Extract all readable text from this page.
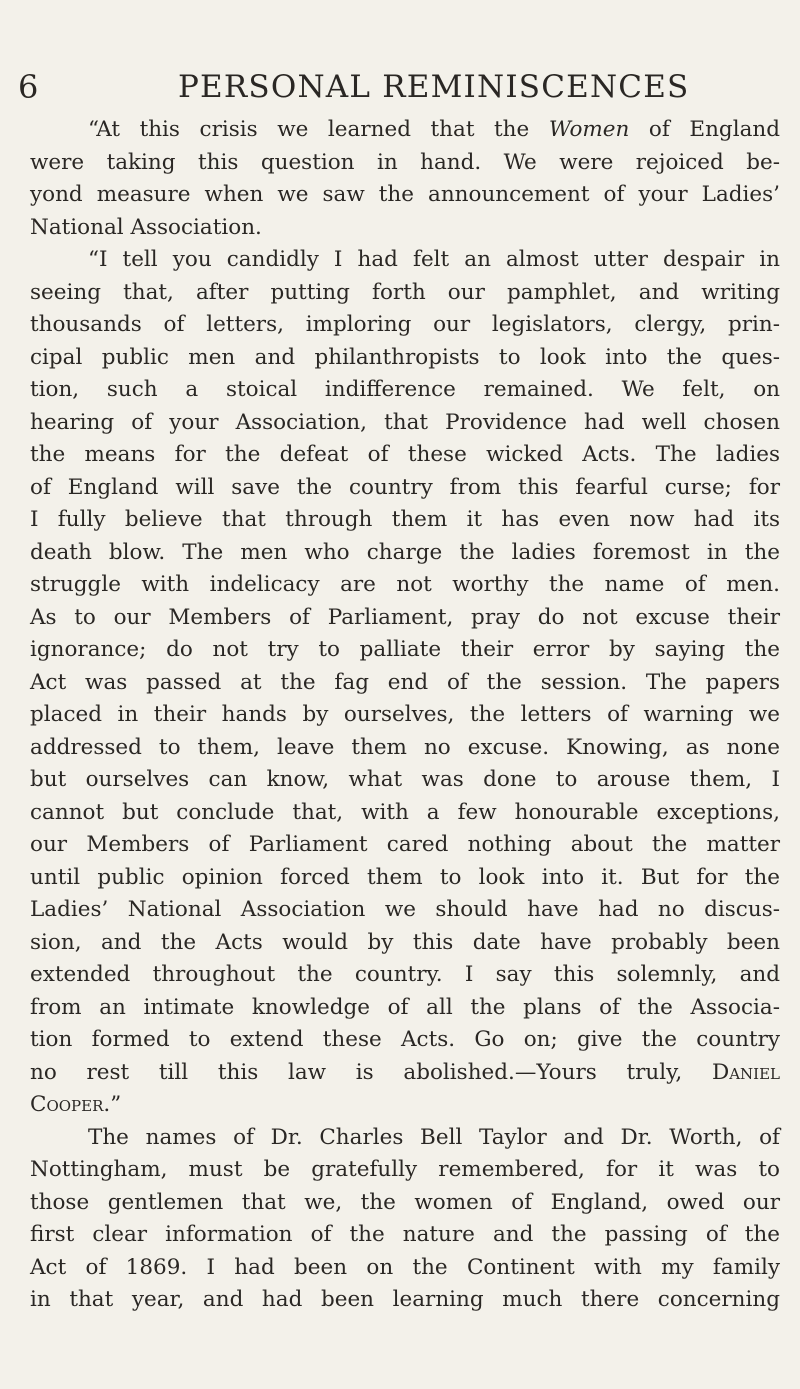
6	PERSONAL REMINISCENCES
“At this crisis we learned that the Women of England
were taking this question in hand. We were rejoiced be-
yond measure when we saw the announcement of your Ladies’
National Association.
“I tell you candidly I had felt an almost utter despair in
seeing that, after putting forth our pamphlet, and writing
thousands of letters, imploring our legislators, clergy, prin-
cipal public men and philanthropists to look into the ques-
tion, such a stoical indifference remained. We felt, on
hearing of your Association, that Providence had well chosen
the means for the defeat of these wicked Acts. The ladies
of England will save the country from this fearful curse; for
I fully believe that through them it has even now had its
death blow. The men who charge the ladies foremost in the
struggle with indelicacy are not worthy the name of men.
As to our Members of Parliament, pray do not excuse their
ignorance; do not try to palliate their error by saying the
Act was passed at the fag end of the session. The papers
placed in their hands by ourselves, the letters of warning we
addressed to them, leave them no excuse. Knowing, as none
but ourselves can know, what was done to arouse them, I
cannot but conclude that, with a few honourable exceptions,
our Members of Parliament cared nothing about the matter
until public opinion forced them to look into it. But for the
Ladies’ National Association we should have had no discus-
sion, and the Acts would by this date have probably been
extended throughout the country. I say this solemnly, and
from an intimate knowledge of all the plans of the Associa-
tion formed to extend these Acts. Go on; give the country
no rest till this law is abolished.—Yours truly, Daniel
Cooper.”
The names of Dr. Charles Bell Taylor and Dr. Worth, of
Nottingham, must be gratefully remembered, for it was to
those gentlemen that we, the women of England, owed our
first clear information of the nature and the passing of the
Act of 1869. I had been on the Continent with my family
in that year, and had been learning much there concerning
